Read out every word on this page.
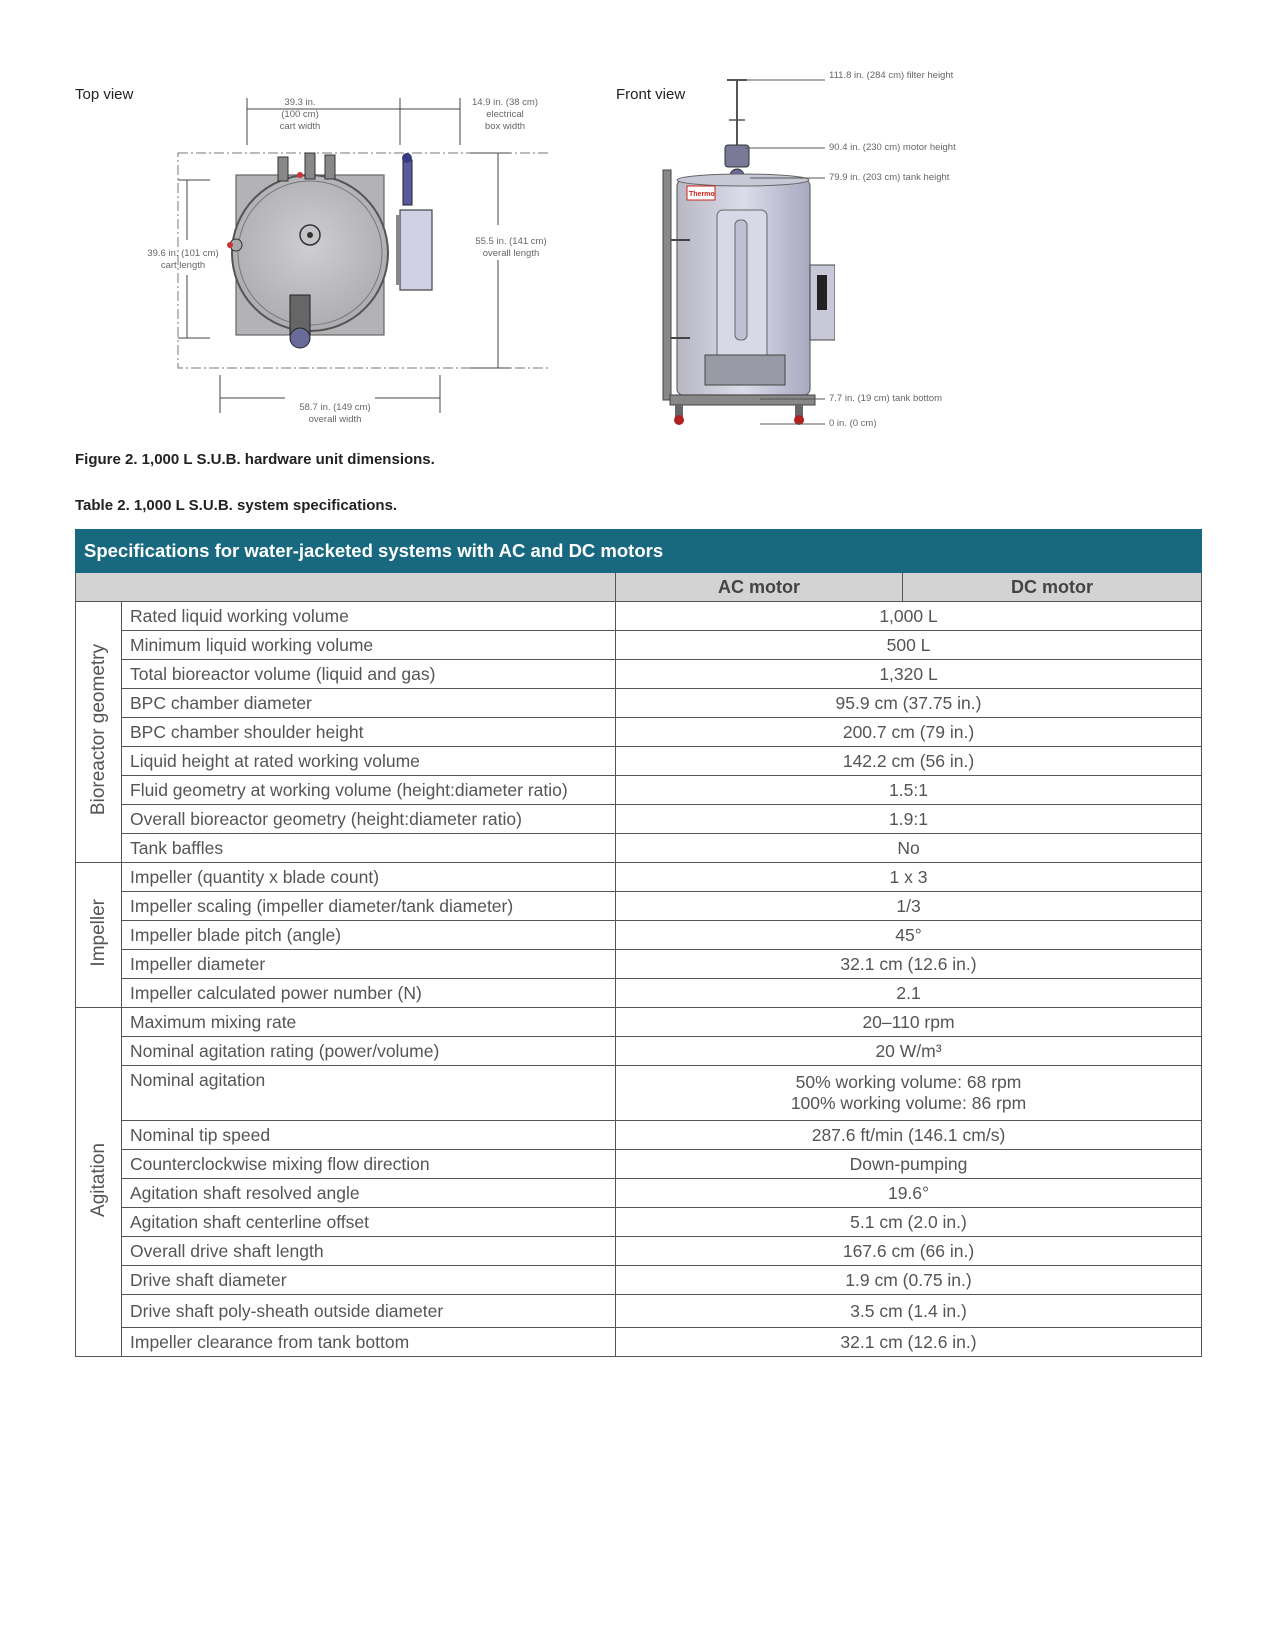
Top view	39.3 in.
(100 cm)
cart width
14.9 in. (38 cm)
electrical
box width
39.6 in. (101 cm)
cart length
55.5 in. (141 cm)
overall length
58.7 in. (149 cm)
overall width
Front view
Thermo
111.8 in. (284 cm) filter height
90.4 in. (230 cm) motor height
79.9 in. (203 cm) tank height
7.7 in. (19 cm) tank bottom
0 in. (0 cm)
Figure 2. 1,000 L S.U.B. hardware unit dimensions.
Table 2. 1,000 L S.U.B. system specifications.
Specifications for water-jacketed systems with AC and DC motors			
		AC motor	DC motor
Bioreactor geometry	Rated liquid working volume	1,000 L	
	Minimum liquid working volume	500 L	
	Total bioreactor volume (liquid and gas)	1,320 L	
	BPC chamber diameter	95.9 cm (37.75 in.)	
	BPC chamber shoulder height	200.7 cm (79 in.)	
	Liquid height at rated working volume	142.2 cm (56 in.)	
	Fluid geometry at working volume (height:diameter ratio)	1.5:1	
	Overall bioreactor geometry (height:diameter ratio)	1.9:1	
	Tank baffles	No	
Impeller	Impeller (quantity x blade count)	1 x 3	
	Impeller scaling (impeller diameter/tank diameter)	1/3	
	Impeller blade pitch (angle)	45°	
	Impeller diameter	32.1 cm (12.6 in.)	
	Impeller calculated power number (N)	2.1	
Agitation	Maximum mixing rate	20–110 rpm	
	Nominal agitation rating (power/volume)	20 W/m³	
	Nominal agitation	50% working volume: 68 rpm
100% working volume: 86 rpm	

	Nominal tip speed	287.6 ft/min (146.1 cm/s)	
	Counterclockwise mixing flow direction	Down-pumping	
	Agitation shaft resolved angle	19.6°	
	Agitation shaft centerline offset	5.1 cm (2.0 in.)	
	Overall drive shaft length	167.6 cm (66 in.)	
	Drive shaft diameter	1.9 cm (0.75 in.)	
	Drive shaft poly-sheath outside diameter	3.5 cm (1.4 in.)	
	Impeller clearance from tank bottom	32.1 cm (12.6 in.)	
